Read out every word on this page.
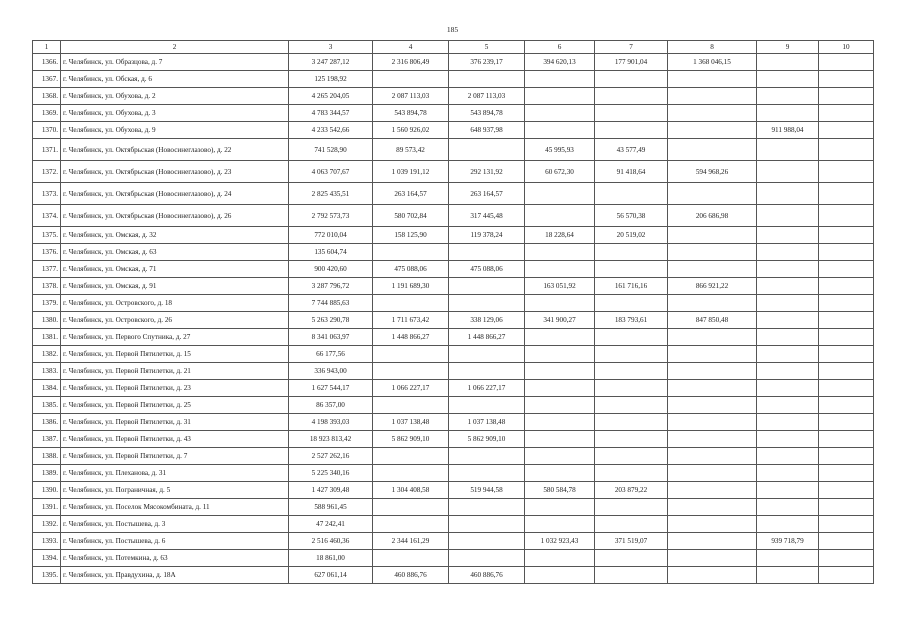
185
1	2	3	4	5	6	7	8	9	10
1366.	г. Челябинск, ул. Образцова, д. 7	3 247 287,12	2 316 806,49	376 239,17	394 620,13	177 901,04	1 368 046,15		
1367.	г. Челябинск, ул. Обская, д. 6	125 198,92							
1368.	г. Челябинск, ул. Обухова, д. 2	4 265 204,05	2 087 113,03	2 087 113,03					
1369.	г. Челябинск, ул. Обухова, д. 3	4 783 344,57	543 894,78	543 894,78					
1370.	г. Челябинск, ул. Обухова, д. 9	4 233 542,66	1 560 926,02	648 937,98				911 988,04	
1371.	г. Челябинск, ул. Октябрьская (Новосинеглазово), д. 22	741 528,90	89 573,42		45 995,93	43 577,49			
1372.	г. Челябинск, ул. Октябрьская (Новосинеглазово), д. 23	4 063 707,67	1 039 191,12	292 131,92	60 672,30	91 418,64	594 968,26		
1373.	г. Челябинск, ул. Октябрьская (Новосинеглазово), д. 24	2 825 435,51	263 164,57	263 164,57					
1374.	г. Челябинск, ул. Октябрьская (Новосинеглазово), д. 26	2 792 573,73	580 702,84	317 445,48		56 570,38	206 686,98		
1375.	г. Челябинск, ул. Омская, д. 32	772 010,04	158 125,90	119 378,24	18 228,64	20 519,02			
1376.	г. Челябинск, ул. Омская, д. 63	135 604,74							
1377.	г. Челябинск, ул. Омская, д. 71	900 420,60	475 088,06	475 088,06					
1378.	г. Челябинск, ул. Омская, д. 91	3 287 796,72	1 191 689,30		163 051,92	161 716,16	866 921,22		
1379.	г. Челябинск, ул. Островского, д. 18	7 744 885,63							
1380.	г. Челябинск, ул. Островского, д. 26	5 263 290,78	1 711 673,42	338 129,06	341 900,27	183 793,61	847 850,48		
1381.	г. Челябинск, ул. Первого Спутника, д. 27	8 341 063,97	1 448 866,27	1 448 866,27					
1382.	г. Челябинск, ул. Первой Пятилетки, д. 15	66 177,56							
1383.	г. Челябинск, ул. Первой Пятилетки, д. 21	336 943,00							
1384.	г. Челябинск, ул. Первой Пятилетки, д. 23	1 627 544,17	1 066 227,17	1 066 227,17					
1385.	г. Челябинск, ул. Первой Пятилетки, д. 25	86 357,00							
1386.	г. Челябинск, ул. Первой Пятилетки, д. 31	4 198 393,03	1 037 138,48	1 037 138,48					
1387.	г. Челябинск, ул. Первой Пятилетки, д. 43	18 923 813,42	5 862 909,10	5 862 909,10					
1388.	г. Челябинск, ул. Первой Пятилетки, д. 7	2 527 262,16							
1389.	г. Челябинск, ул. Плеханова, д. 31	5 225 340,16							
1390.	г. Челябинск, ул. Пограничная, д. 5	1 427 309,48	1 304 408,58	519 944,58	580 584,78	203 879,22			
1391.	г. Челябинск, ул. Поселок Мясокомбината, д. 11	588 961,45							
1392.	г. Челябинск, ул. Постышева, д. 3	47 242,41							
1393.	г. Челябинск, ул. Постышева, д. 6	2 516 460,36	2 344 161,29		1 032 923,43	371 519,07		939 718,79	
1394.	г. Челябинск, ул. Потемкина, д. 63	18 861,00							
1395.	г. Челябинск, ул. Правдухина, д. 18А	627 061,14	460 886,76	460 886,76					
